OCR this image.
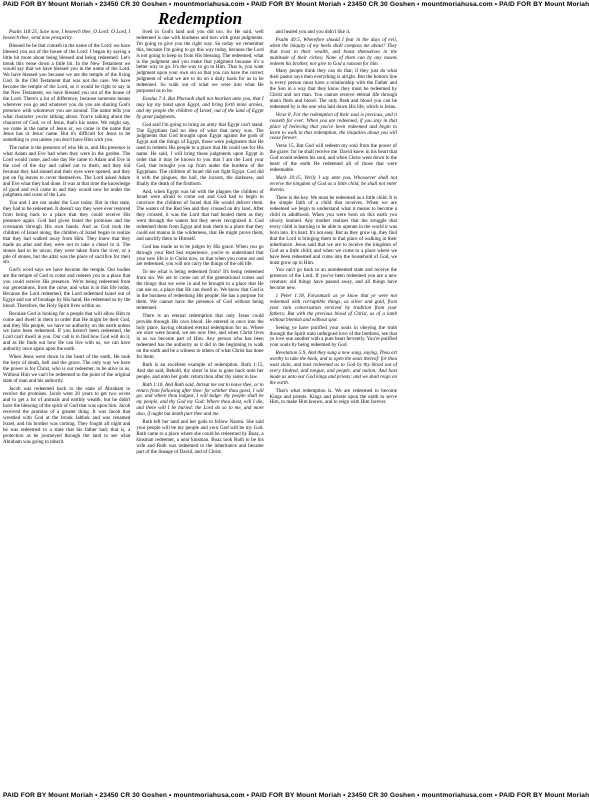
PAID FOR BY Mount Moriah • 23450 CR 30 Goshen • mountmoriahusa.com • PAID FOR BY Mount Moriah • 23450 CR 30 Goshen • mountmoriahusa.com • PAID FOR BY Mount Moriah
Redemption

Psalm 118:25, Save now, I beseech thee, O Lord: O Lord, I beseech thee, send now prosperity.

Blessed be he that cometh in the name of the Lord: we have blessed you out of the house of the Lord: I began by saying a little bit more about being blessed and being redeemed. Let's break this verse down a little bit. In the New Testament we would say that we have blessed you in the name of the Lord. We have blessed you because we are the temple of the living God. In the Old Testament that was not the case. We have become the temple of the Lord, so it would be right to say in the New Testament, we have blessed you out of the house of the Lord. There's a lot of difference, because someone means wherever you go and whatever you do you are sharing God's presence with whomever you are around. The name tells you what character you're talking about. You're talking about the character of God, or of Jesus, that's his name. We might say, we come in the name of Jesus or, we come in the name that Jesus has or Jesus' name. But it's difficult for Jesus to be something to you unless you don't have Him with you.

The name is the presence of who He is, and His presence is what Adam and Eve had when they were in the garden. The Lord would come, and one day He came to Adam and Eve in the cool of the day and called out to them, and they hid because they had sinned and their eyes were opened, and they put on fig leaves to cover themselves. The Lord asked Adam and Eve what they had done. It was at that time the knowledge of good and evil came in and they would now be under the judgment and curse of the Law.

You and I are not under the Law today. But in that state, they had to be redeemed. It doesn't say they were ever restored from being back to a place that they could receive His presence again. God had given Israel the promises and the covenants through His own hands. And as God took the children of Israel along, the children of Israel began to realize that they had walked away from Him. They knew that they made an altar and they were not to take a chisel to it. The stones had to be uncut, they were taken from the river, or a pile of stones, but the altar was the place of sacrifice for their sin.

God's word says we have become the temple. Our bodies are the temple of God to come and redeem you to a place that you could receive His presence. We're being redeemed from our generations, from the curse, and what is in this life today. Because the Lord redeemed, the Lord redeemed Israel out of Egypt and out of bondage by His hand, He redeemed us by the blood. Therefore, the Holy Spirit lives within us.

Because God is looking for a people that will allow Him to come and dwell in them in order that He might be their God, and they His people, we have no authority on the earth unless we have been redeemed. If you haven't been redeemed, the Lord can't dwell in you. Our call is to find how God will do it, and as He finds out how He can live with us, we can have authority once again upon the earth.

When Jesus went down to the heart of the earth, He took the keys of death, hell and the grave. The only way we have the power is for Christ, who is our redeemer, to be alive in us. Without Him we can't be redeemed to the point of the original state of man and his authority.

Jacob was redeemed back to the state of Abraham to receive the promises. Jacob went 20 years to get two wives and to get a lot of animals and earthly wealth, but he didn't have the blessing of the spirit of God that was upon him. Jacob received the promise of a greater thing. It was Jacob that wrestled with God at the brook Jabbok and was renamed Israel, and his brother was coming. They fought all night and he was redeemed to a state that his father had; that is, a protection as he journeyed through the land to see what Abraham was going to inherit.

lived in God's land and you did too. So He said, well redeemed is one with kindness and turn with great judgments. I'm going to give you the right way. So today we remember this, because I'm going to go this way today, because the Lord is not going to keep us from His blessing. The redeemed, what is the judgment and you make that judgment because it's a better way to go. It's the way to go to Him. That is, you want judgment upon your own sin so that you can have the correct judgment of what we are to do on a daily basis for us to be redeemed. So walk out of what we were into what He purposed us to be.

Exodus 7:4, But Pharaoh shall not hearken unto you, that I may lay my hand upon Egypt, and bring forth mine armies, and my people the children of Israel, out of the land of Egypt by great judgments.

God said I'm going to bring an army that Egypt can't stand. The Egyptians had no idea of what that army was. The judgments that God brought upon Egypt against the gods of Egypt and the things of Egypt, those were judgments that He used to redeem His people to a place that He could use for His name. He said, I will bring those judgments upon Egypt in order that it may be known to you that I am the Lord your God, that brought you up from under the burdens of the Egyptians. The children of Israel did not fight Egypt. God did it with the plagues, the hail, the locusts, the darkness, and finally the death of the firstborn.

And, when Egypt was hit with the plagues the children of Israel were afraid to come out and God had to begin to convince the children of Israel that He would deliver them. The waters of the Red Sea and they crossed on dry land. After they crossed, it was the Lord that had healed them as they went through the waters but they never recognized it. God redeemed them from Egypt and took them to a place that they could eat manna in the wilderness, that He might prove them, and sanctify them to Himself.

God has made us to be judges by His grace. When you go through your Red Sea experience, you're to understand that your new life is in Christ now, so that when you come out and are redeemed, you will not carry the things of the old life.

To me what is being redeemed from? It's being redeemed from sin. We are to come out of the generational curses and the things that we were in and be brought to a place that He can use us, a place that He can dwell in. We know that God is in the business of redeeming His people; He has a purpose for them. We cannot have the presence of God without being redeemed.

There is an eternal redemption that only Jesus could provide through His own blood. He entered in once into the holy place, having obtained eternal redemption for us. Where we once were bound, we are now free, and when Christ lives in us we become part of Him. Any person who has been redeemed has the authority as it did in the beginning to walk on the earth and be a witness to others of what Christ has done for them.

Ruth is an excellent example of redemption. Ruth 1:15, And she said, Behold, thy sister in law is gone back unto her people, and unto her gods: return thou after thy sister in law.

Ruth 1:16, And Ruth said, Intreat me not to leave thee, or to return from following after thee: for whither thou goest, I will go; and where thou lodgest, I will lodge: thy people shall be my people, and thy God my God: Where thou diest, will I die, and there will I be buried: the Lord do so to me, and more also, if ought but death part thee and me.

Ruth left her land and her gods to follow Naomi. She said your people will be my people and your God will be my God. Ruth came to a place where she could be redeemed by Boaz, a kinsman redeemer, a near kinsman. Boaz took Ruth to be his wife and Ruth was redeemed to the inheritance and became part of the lineage of David, and of Christ.

and healed you and you didn't like it.

Psalm 49:5, Wherefore should I fear in the days of evil, when the iniquity of my heels shall compass me about? They that trust in their wealth, and boast themselves in the multitude of their riches; None of them can by any means redeem his brother, nor give to God a ransom for him.

Many people think they can do that; if they just do what their pastor says then everything is alright. But the bottom line is every person must have a relationship with the Father and the Son in a way that they know they must be redeemed by Christ and not man. You cannot receive eternal life through man's flesh and blood. The only flesh and blood you can be redeemed by is the one who laid down His life, which is Jesus.

Verse 8, For the redemption of their soul is precious, and it ceaseth for ever: When you are redeemed, if you stay in that place of believing that you've been redeemed and begin to learn to walk in that redemption, the iniquities about you will cease forever.

Verse 15, But God will redeem my soul from the power of the grave: for he shall receive me. David knew in his heart that God would redeem his soul, and when Christ went down to the heart of the earth He redeemed all of those that were redeemable.

Mark 10:15, Verily I say unto you, Whosoever shall not receive the kingdom of God as a little child, he shall not enter therein.

There is the key. We must be redeemed as a little child. It is the simple faith of a child that receives. When we are redeemed we begin to understand what it means to become a child in adulthood. When you were born on this earth you slowly learned. Any mother realizes that the struggle that every child is learning to be able to operate in the world it was born into. It's hard. It's not easy. But as they grow up, they find that the Lord is bringing them to that place of walking in their inheritance. Jesus said that we are to receive the kingdom of God as a little child; and when we come to a place where we have been redeemed and come into the household of God, we must grow up in Him.

You can't go back to an unredeemed state and receive the presence of the Lord. If you've been redeemed you are a new creature; old things have passed away, and all things have become new.

1 Peter 1:18, Forasmuch as ye know that ye were not redeemed with corruptible things, as silver and gold, from your vain conversation received by tradition from your fathers; But with the precious blood of Christ, as of a lamb without blemish and without spot.

Seeing ye have purified your souls in obeying the truth through the Spirit unto unfeigned love of the brethren, see that ye love one another with a pure heart fervently. You're purified your souls by being redeemed by God.

Revelation 5:9, And they sung a new song, saying, Thou art worthy to take the book, and to open the seals thereof: for thou wast slain, and hast redeemed us to God by thy blood out of every kindred, and tongue, and people, and nation; And hast made us unto our God kings and priests: and we shall reign on the earth.

That's what redemption is. We are redeemed to become Kings and priests. Kings and priests upon the earth to serve Him, to make Him known, and to reign with Him forever.

PAID FOR BY Mount Moriah • 23450 CR 30 Goshen • mountmoriahusa.com • PAID FOR BY Mount Moriah • 23450 CR 30 Goshen • mountmoriahusa.com • PAID FOR BY Mount Moriah
